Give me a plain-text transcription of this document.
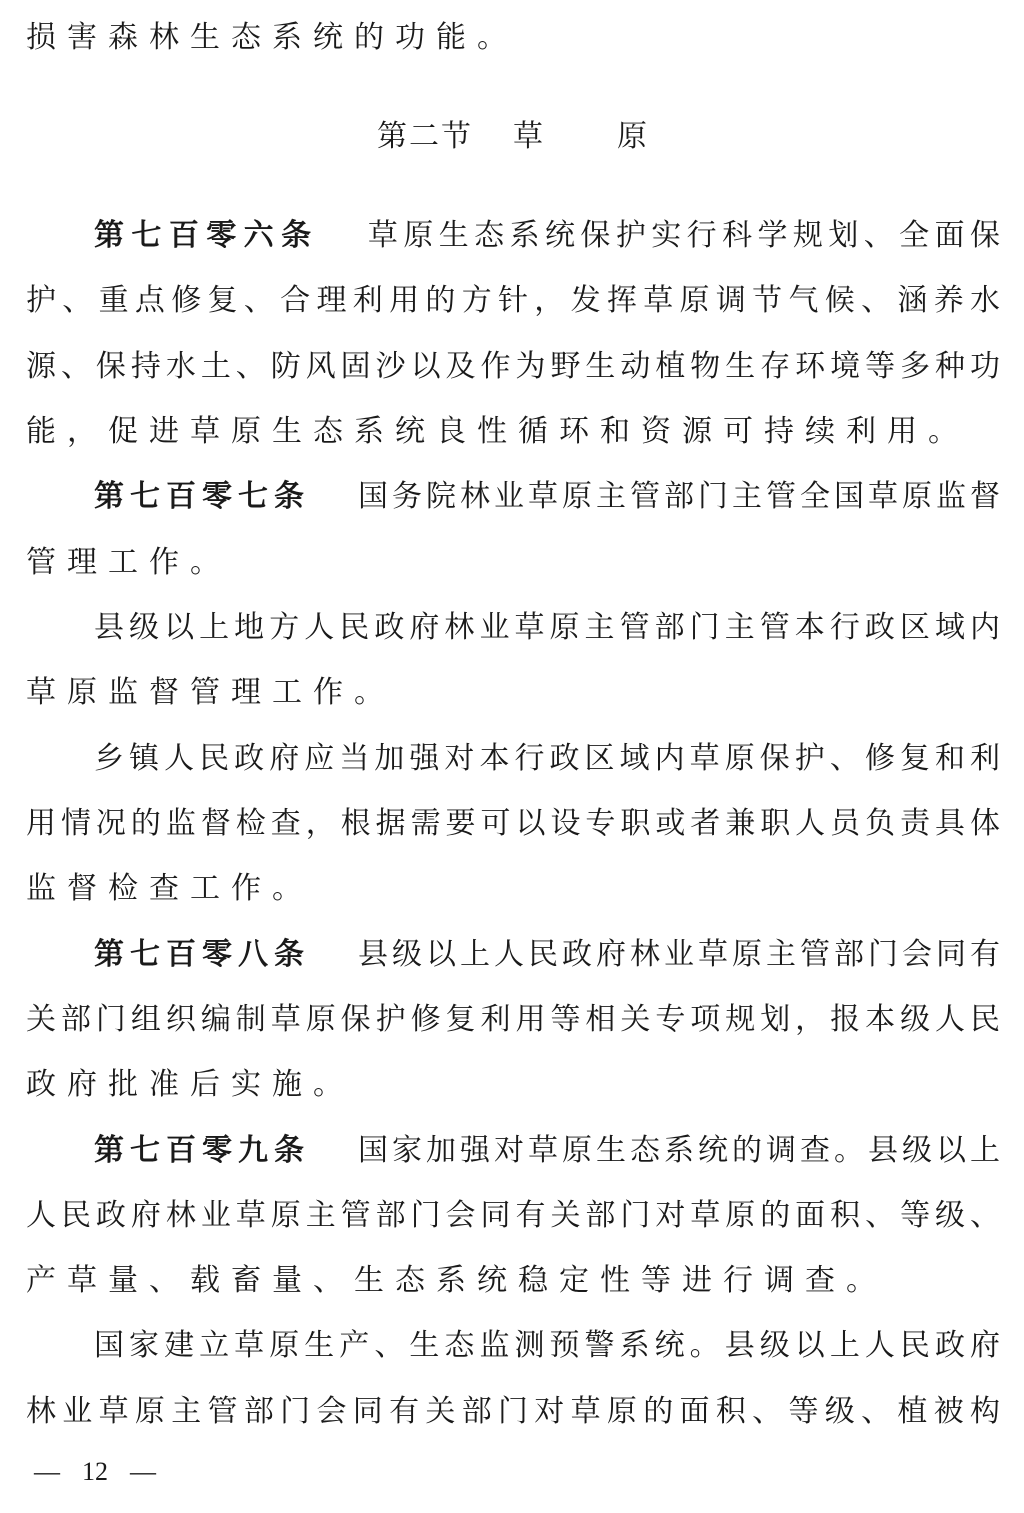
损害森林生态系统的功能。
第二节 草 原
第七百零六条 草原生态系统保护实行科学规划、全面保
护、重点修复、合理利用的方针，发挥草原调节气候、涵养水
源、保持水土、防风固沙以及作为野生动植物生存环境等多种功
能，促进草原生态系统良性循环和资源可持续利用。
第七百零七条 国务院林业草原主管部门主管全国草原监督
管理工作。
县级以上地方人民政府林业草原主管部门主管本行政区域内
草原监督管理工作。
乡镇人民政府应当加强对本行政区域内草原保护、修复和利
用情况的监督检查，根据需要可以设专职或者兼职人员负责具体
监督检查工作。
第七百零八条 县级以上人民政府林业草原主管部门会同有
关部门组织编制草原保护修复利用等相关专项规划，报本级人民
政府批准后实施。
第七百零九条 国家加强对草原生态系统的调查。县级以上
人民政府林业草原主管部门会同有关部门对草原的面积、等级、
产草量、载畜量、生态系统稳定性等进行调查。
国家建立草原生产、生态监测预警系统。县级以上人民政府
林业草原主管部门会同有关部门对草原的面积、等级、植被构
— 12 —
